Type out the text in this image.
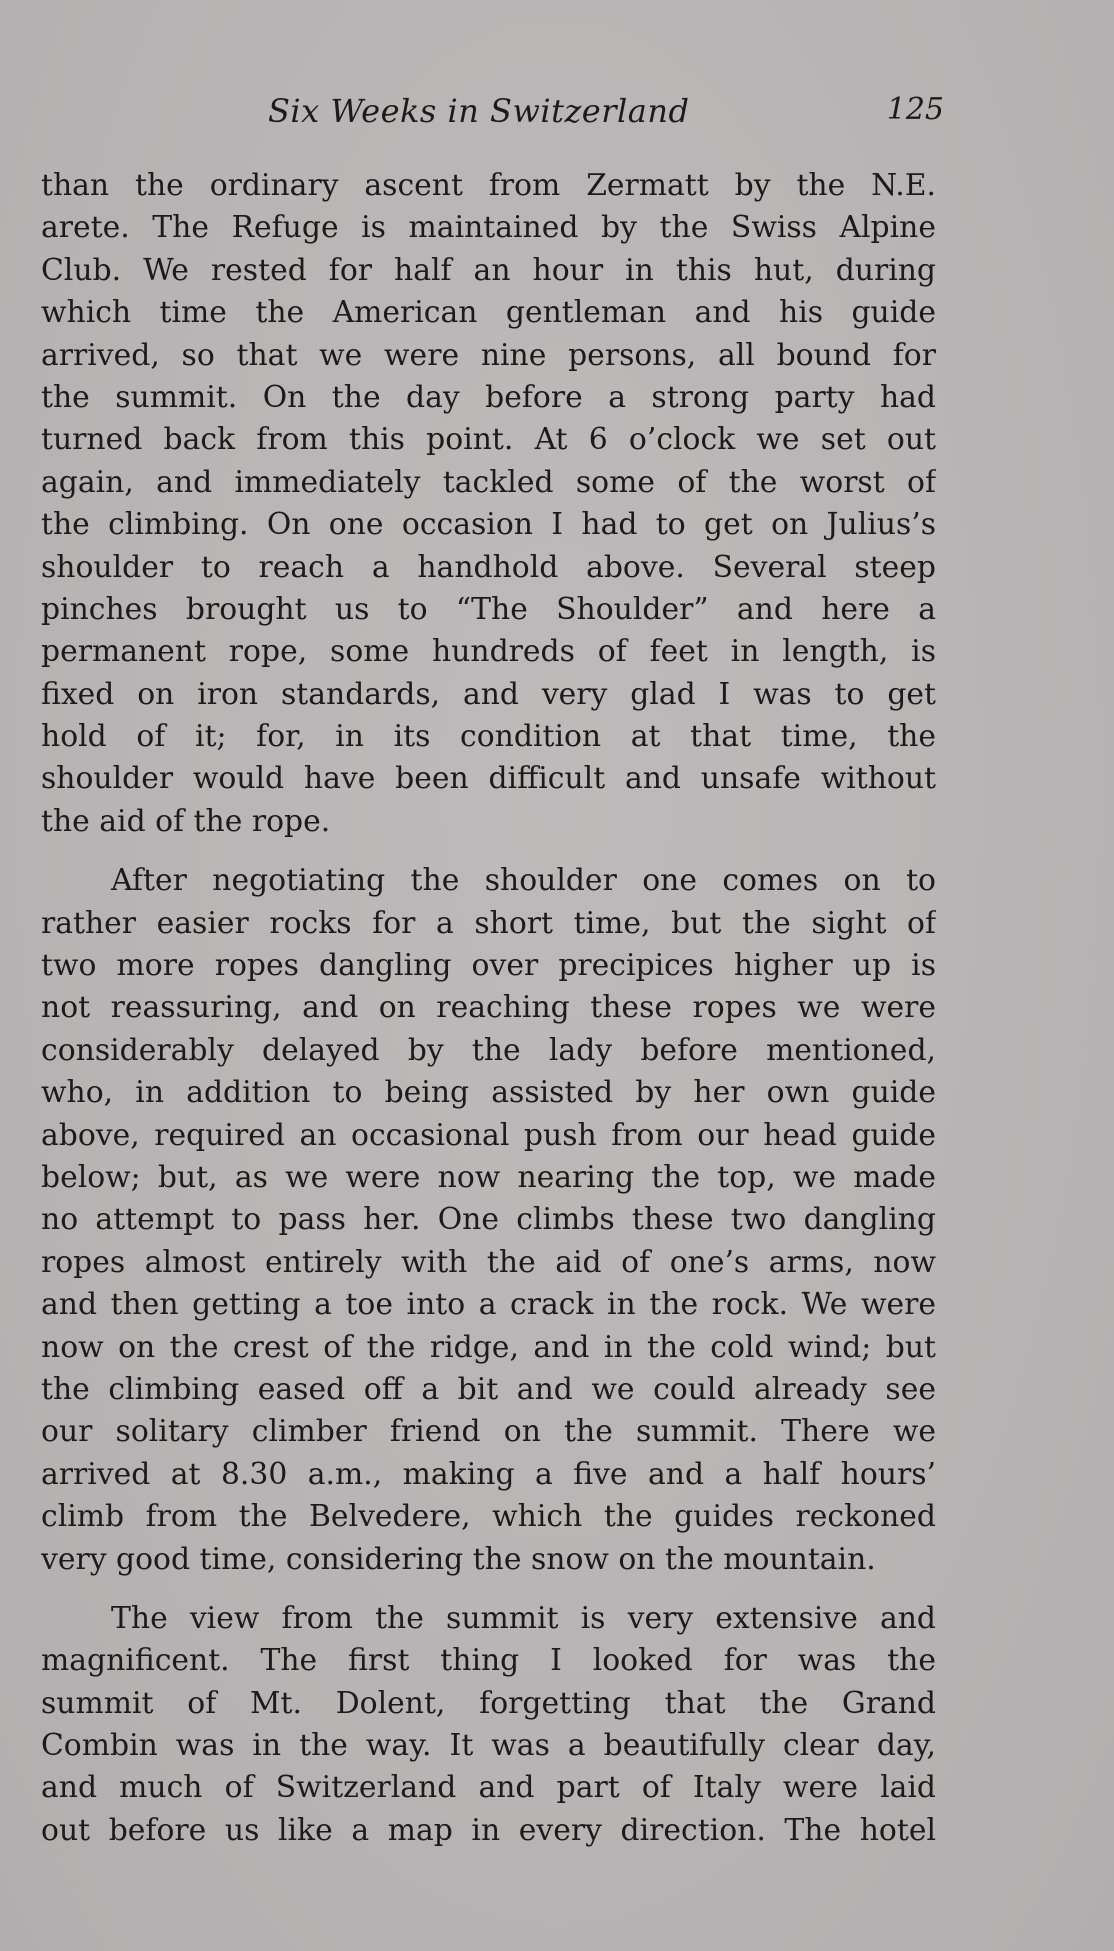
Six Weeks in Switzerland	125
than the ordinary ascent from Zermatt by the N.E.
arete. The Refuge is maintained by the Swiss Alpine
Club. We rested for half an hour in this hut, during
which time the American gentleman and his guide
arrived, so that we were nine persons, all bound for
the summit. On the day before a strong party had
turned back from this point. At 6 o’clock we set out
again, and immediately tackled some of the worst of
the climbing. On one occasion I had to get on Julius’s
shoulder to reach a handhold above. Several steep
pinches brought us to “The Shoulder” and here a
permanent rope, some hundreds of feet in length, is
fixed on iron standards, and very glad I was to get
hold of it; for, in its condition at that time, the
shoulder would have been difficult and unsafe without
the aid of the rope.
After negotiating the shoulder one comes on to
rather easier rocks for a short time, but the sight of
two more ropes dangling over precipices higher up is
not reassuring, and on reaching these ropes we were
considerably delayed by the lady before mentioned,
who, in addition to being assisted by her own guide
above, required an occasional push from our head guide
below; but, as we were now nearing the top, we made
no attempt to pass her. One climbs these two dangling
ropes almost entirely with the aid of one’s arms, now
and then getting a toe into a crack in the rock. We were
now on the crest of the ridge, and in the cold wind; but
the climbing eased off a bit and we could already see
our solitary climber friend on the summit. There we
arrived at 8.30 a.m., making a five and a half hours’
climb from the Belvedere, which the guides reckoned
very good time, considering the snow on the mountain.
The view from the summit is very extensive and
magnificent. The first thing I looked for was the
summit of Mt. Dolent, forgetting that the Grand
Combin was in the way. It was a beautifully clear day,
and much of Switzerland and part of Italy were laid
out before us like a map in every direction. The hotel
